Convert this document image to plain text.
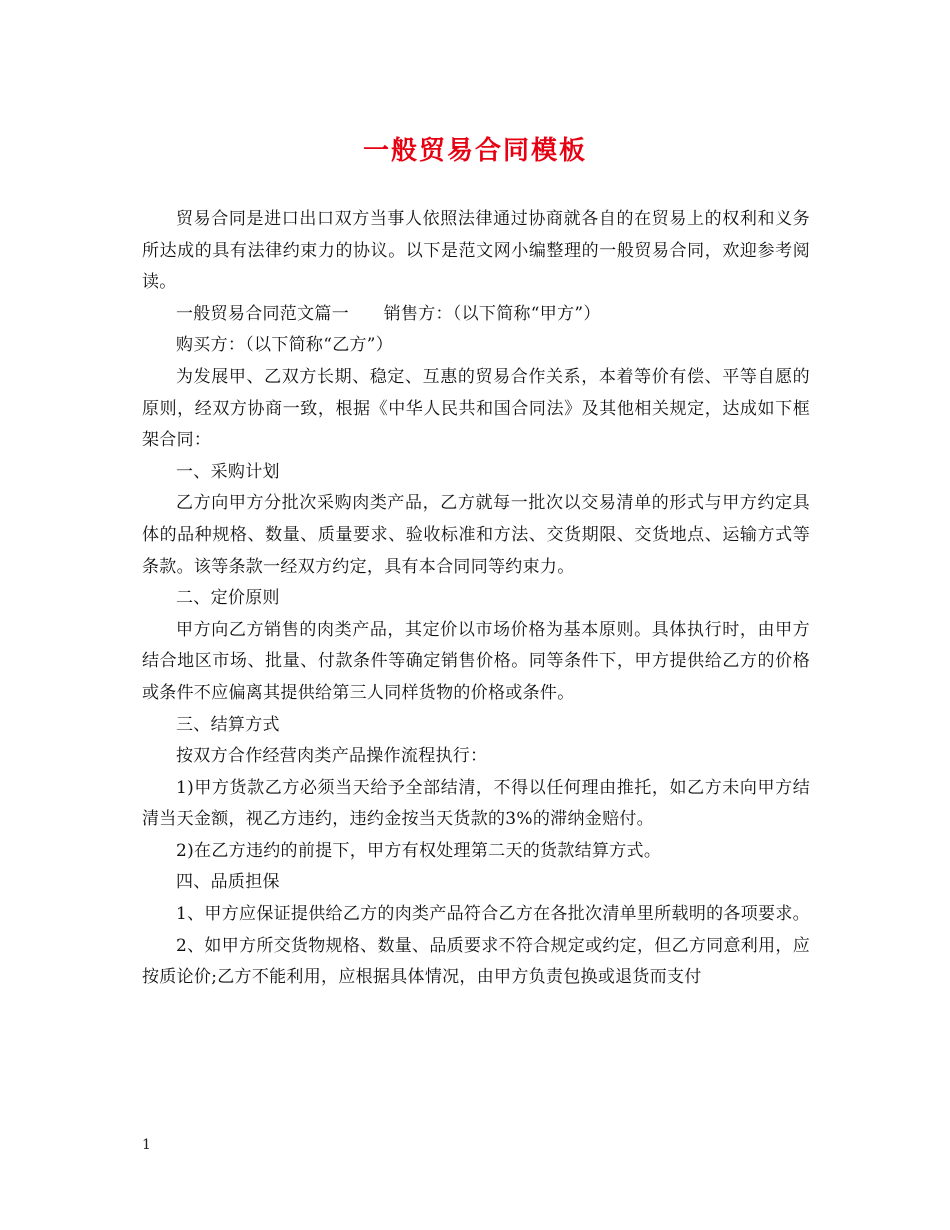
一般贸易合同模板

贸易合同是进口出口双方当事人依照法律通过协商就各自的在贸易上的权利和义务所达成的具有法律约束力的协议。以下是范文网小编整理的一般贸易合同，欢迎参考阅读。

一般贸易合同范文篇一　　销售方：（以下简称“甲方”）

购买方：（以下简称“乙方”）

为发展甲、乙双方长期、稳定、互惠的贸易合作关系，本着等价有偿、平等自愿的原则，经双方协商一致，根据《中华人民共和国合同法》及其他相关规定，达成如下框架合同：

一、采购计划

乙方向甲方分批次采购肉类产品，乙方就每一批次以交易清单的形式与甲方约定具体的品种规格、数量、质量要求、验收标准和方法、交货期限、交货地点、运输方式等条款。该等条款一经双方约定，具有本合同同等约束力。

二、定价原则

甲方向乙方销售的肉类产品，其定价以市场价格为基本原则。具体执行时，由甲方结合地区市场、批量、付款条件等确定销售价格。同等条件下，甲方提供给乙方的价格或条件不应偏离其提供给第三人同样货物的价格或条件。

三、结算方式

按双方合作经营肉类产品操作流程执行：

1)甲方货款乙方必须当天给予全部结清，不得以任何理由推托，如乙方未向甲方结清当天金额，视乙方违约，违约金按当天货款的3%的滞纳金赔付。

2)在乙方违约的前提下，甲方有权处理第二天的货款结算方式。

四、品质担保

1、甲方应保证提供给乙方的肉类产品符合乙方在各批次清单里所载明的各项要求。

2、如甲方所交货物规格、数量、品质要求不符合规定或约定，但乙方同意利用，应按质论价;乙方不能利用，应根据具体情况，由甲方负责包换或退货而支付

1
